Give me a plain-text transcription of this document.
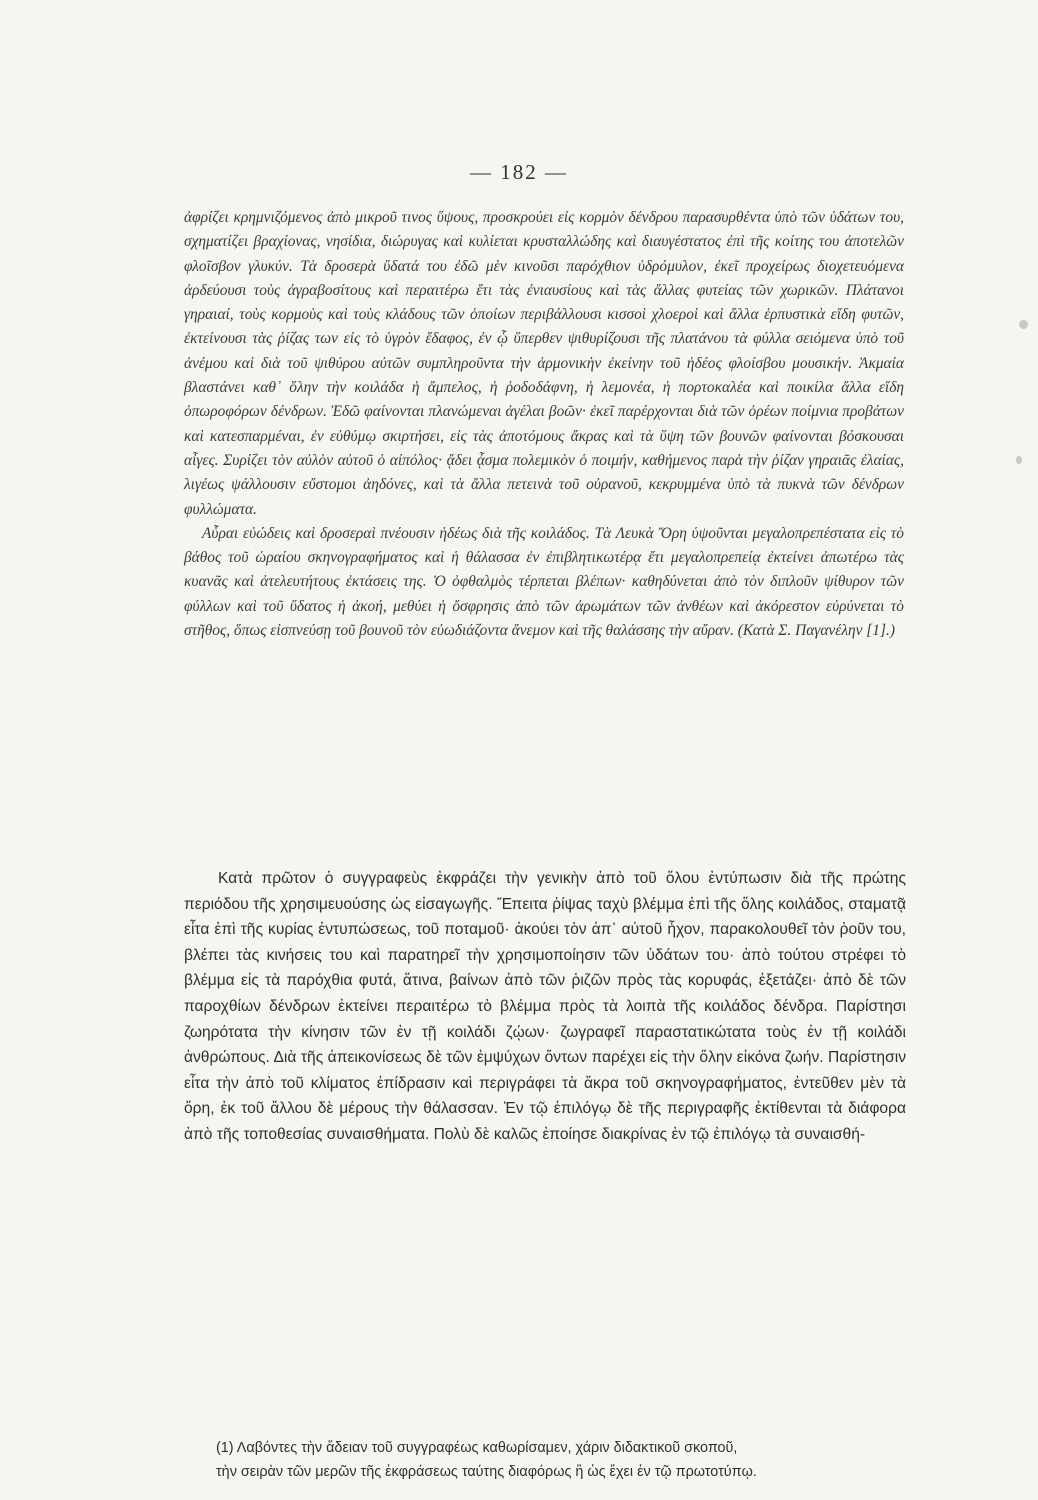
— 182 —

ἀφρίζει κρημνιζόμενος ἀπὸ μικροῦ τινος ὕψους, προσκρούει εἰς κορμὸν δένδρου παρασυρθέντα ὑπὸ τῶν ὑδάτων του, σχηματίζει βραχίονας, νησίδια, διώρυγας καὶ κυλίεται κρυσταλλώδης καὶ διαυγέστατος ἐπὶ τῆς κοίτης του ἀποτελῶν φλοῖσβον γλυκύν. Τὰ δροσερὰ ὕδατά του ἐδῶ μὲν κινοῦσι παρόχθιον ὑδρόμυλον, ἐκεῖ προχείρως διοχετευόμενα ἀρδεύουσι τοὺς ἀγραβοσίτους καὶ περαιτέρω ἔτι τὰς ἐνιαυσίους καὶ τὰς ἄλλας φυτείας τῶν χωρικῶν. Πλάτανοι γηραιαί, τοὺς κορμοὺς καὶ τοὺς κλάδους τῶν ὁποίων περιβάλλουσι κισσοὶ χλοεροὶ καὶ ἄλλα ἑρπυστικὰ εἴδη φυτῶν, ἐκτείνουσι τὰς ῥίζας των εἰς τὸ ὑγρὸν ἔδαφος, ἐν ᾧ ὕπερθεν ψιθυρίζουσι τῆς πλατάνου τὰ φύλλα σειόμενα ὑπὸ τοῦ ἀνέμου καὶ διὰ τοῦ ψιθύρου αὐτῶν συμπληροῦντα τὴν ἁρμονικὴν ἐκείνην τοῦ ἡδέος φλοίσβου μουσικήν. Ἀκμαία βλαστάνει καθ᾽ ὅλην τὴν κοιλάδα ἡ ἄμπελος, ἡ ῥοδοδάφνη, ἡ λεμονέα, ἡ πορτοκαλέα καὶ ποικίλα ἄλλα εἴδη ὀπωροφόρων δένδρων. Ἐδῶ φαίνονται πλανώμεναι ἀγέλαι βοῶν· ἐκεῖ παρέρχονται διὰ τῶν ὀρέων ποίμνια προβάτων καὶ κατεσπαρμέναι, ἐν εὐθύμῳ σκιρτήσει, εἰς τὰς ἀποτόμους ἄκρας καὶ τὰ ὕψη τῶν βουνῶν φαίνονται βόσκουσαι αἶγες. Συρίζει τὸν αὐλὸν αὐτοῦ ὁ αἰπόλος· ᾄδει ᾆσμα πολεμικὸν ὁ ποιμήν, καθήμενος παρὰ τὴν ῥίζαν γηραιᾶς ἐλαίας, λιγέως ψάλλουσιν εὔστομοι ἀηδόνες, καὶ τὰ ἄλλα πετεινὰ τοῦ οὐρανοῦ, κεκρυμμένα ὑπὸ τὰ πυκνὰ τῶν δένδρων φυλλώματα.

Αὖραι εὐώδεις καὶ δροσεραὶ πνέουσιν ἡδέως διὰ τῆς κοιλάδος. Τὰ Λευκὰ Ὄρη ὑψοῦνται μεγαλοπρεπέστατα εἰς τὸ βάθος τοῦ ὡραίου σκηνογραφήματος καὶ ἡ θάλασσα ἐν ἐπιβλητικωτέρᾳ ἔτι μεγαλοπρεπείᾳ ἐκτείνει ἀπωτέρω τὰς κυανᾶς καὶ ἀτελευτήτους ἐκτάσεις της. Ὁ ὀφθαλμὸς τέρπεται βλέπων· καθηδύνεται ἀπὸ τὸν διπλοῦν ψίθυρον τῶν φύλλων καὶ τοῦ ὕδατος ἡ ἀκοή, μεθύει ἡ ὄσφρησις ἀπὸ τῶν ἀρωμάτων τῶν ἀνθέων καὶ ἀκόρεστον εὐρύνεται τὸ στῆθος, ὅπως εἰσπνεύσῃ τοῦ βουνοῦ τὸν εὐωδιάζοντα ἄνεμον καὶ τῆς θαλάσσης τὴν αὔραν. (Κατὰ Σ. Παγανέλην [1].)

Κατὰ πρῶτον ὁ συγγραφεὺς ἐκφράζει τὴν γενικὴν ἀπὸ τοῦ ὅλου ἐντύπωσιν διὰ τῆς πρώτης περιόδου τῆς χρησιμευούσης ὡς εἰσαγωγῆς. Ἔπειτα ῥίψας ταχὺ βλέμμα ἐπὶ τῆς ὅλης κοιλάδος, σταματᾷ εἶτα ἐπὶ τῆς κυρίας ἐντυπώσεως, τοῦ ποταμοῦ· ἀκούει τὸν ἀπ᾽ αὐτοῦ ἦχον, παρακολουθεῖ τὸν ῥοῦν του, βλέπει τὰς κινήσεις του καὶ παρατηρεῖ τὴν χρησιμοποίησιν τῶν ὑδάτων του· ἀπὸ τούτου στρέφει τὸ βλέμμα εἰς τὰ παρόχθια φυτά, ἅτινα, βαίνων ἀπὸ τῶν ῥιζῶν πρὸς τὰς κορυφάς, ἐξετάζει· ἀπὸ δὲ τῶν παροχθίων δένδρων ἐκτείνει περαιτέρω τὸ βλέμμα πρὸς τὰ λοιπὰ τῆς κοιλάδος δένδρα. Παρίστησι ζωηρότατα τὴν κίνησιν τῶν ἐν τῇ κοιλάδι ζῴων· ζωγραφεῖ παραστατικώτατα τοὺς ἐν τῇ κοιλάδι ἀνθρώπους. Διὰ τῆς ἀπεικονίσεως δὲ τῶν ἐμψύχων ὄντων παρέχει εἰς τὴν ὅλην εἰκόνα ζωήν. Παρίστησιν εἶτα τὴν ἀπὸ τοῦ κλίματος ἐπίδρασιν καὶ περιγράφει τὰ ἄκρα τοῦ σκηνογραφήματος, ἐντεῦθεν μὲν τὰ ὄρη, ἐκ τοῦ ἄλλου δὲ μέρους τὴν θάλασσαν. Ἐν τῷ ἐπιλόγῳ δὲ τῆς περιγραφῆς ἐκτίθενται τὰ διάφορα ἀπὸ τῆς τοποθεσίας συναισθήματα. Πολὺ δὲ καλῶς ἐποίησε διακρίνας ἐν τῷ ἐπιλόγῳ τὰ συναισθή-

(1) Λαβόντες τὴν ἄδειαν τοῦ συγγραφέως καθωρίσαμεν, χάριν διδακτικοῦ σκοποῦ,

τὴν σειρὰν τῶν μερῶν τῆς ἐκφράσεως ταύτης διαφόρως ἢ ὡς ἔχει ἐν τῷ πρωτοτύπῳ.
